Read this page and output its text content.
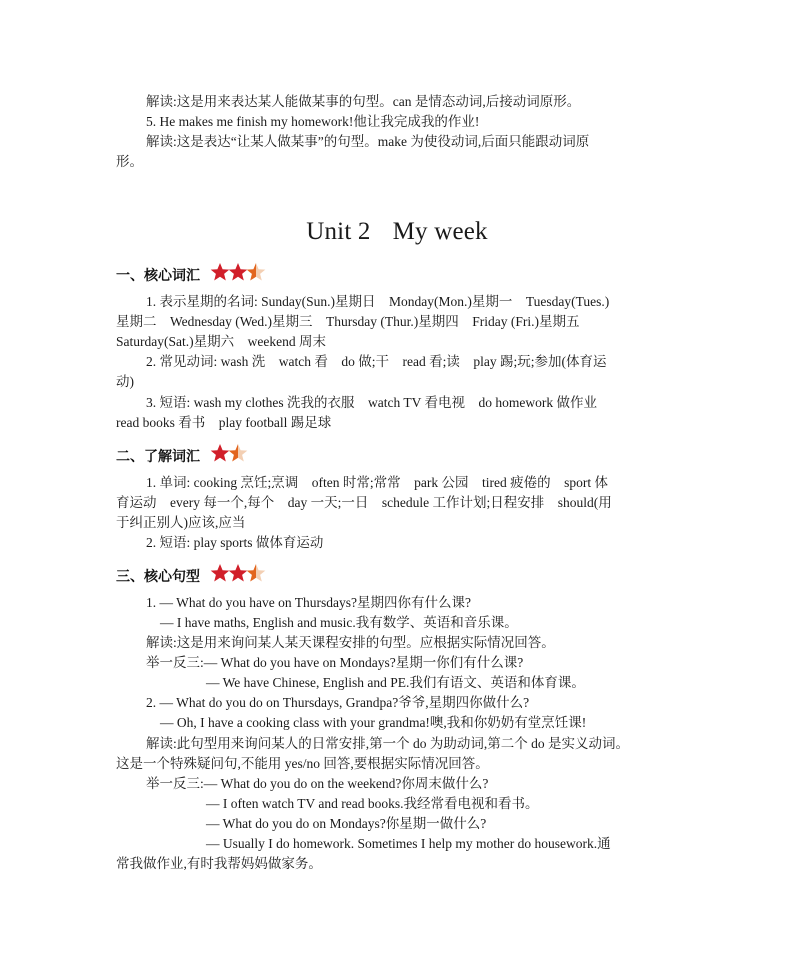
解读:这是用来表达某人能做某事的句型。can 是情态动词,后接动词原形。
5. He makes me finish my homework!他让我完成我的作业!
解读:这是表达“让某人做某事”的句型。make 为使役动词,后面只能跟动词原
形。
Unit 2 My week
一、核心词汇
1. 表示星期的名词: Sunday(Sun.)星期日　Monday(Mon.)星期一　Tuesday(Tues.)
星期二　Wednesday (Wed.)星期三　Thursday (Thur.)星期四　Friday (Fri.)星期五
Saturday(Sat.)星期六　weekend 周末
2. 常见动词: wash 洗　watch 看　do 做;干　read 看;读　play 踢;玩;参加(体育运
动)
3. 短语: wash my clothes 洗我的衣服　watch TV 看电视　do homework 做作业
read books 看书　play football 踢足球
二、了解词汇
1. 单词: cooking 烹饪;烹调　often 时常;常常　park 公园　tired 疲倦的　sport 体
育运动　every 每一个,每个　day 一天;一日　schedule 工作计划;日程安排　should(用
于纠正别人)应该,应当
2. 短语: play sports 做体育运动
三、核心句型
1. — What do you have on Thursdays?星期四你有什么课?
— I have maths, English and music.我有数学、英语和音乐课。
解读:这是用来询问某人某天课程安排的句型。应根据实际情况回答。
举一反三:— What do you have on Mondays?星期一你们有什么课?
— We have Chinese, English and PE.我们有语文、英语和体育课。
2. — What do you do on Thursdays, Grandpa?爷爷,星期四你做什么?
— Oh, I have a cooking class with your grandma!噢,我和你奶奶有堂烹饪课!
解读:此句型用来询问某人的日常安排,第一个 do 为助动词,第二个 do 是实义动词。
这是一个特殊疑问句,不能用 yes/no 回答,要根据实际情况回答。
举一反三:— What do you do on the weekend?你周末做什么?
— I often watch TV and read books.我经常看电视和看书。
— What do you do on Mondays?你星期一做什么?
— Usually I do homework. Sometimes I help my mother do housework.通
常我做作业,有时我帮妈妈做家务。
